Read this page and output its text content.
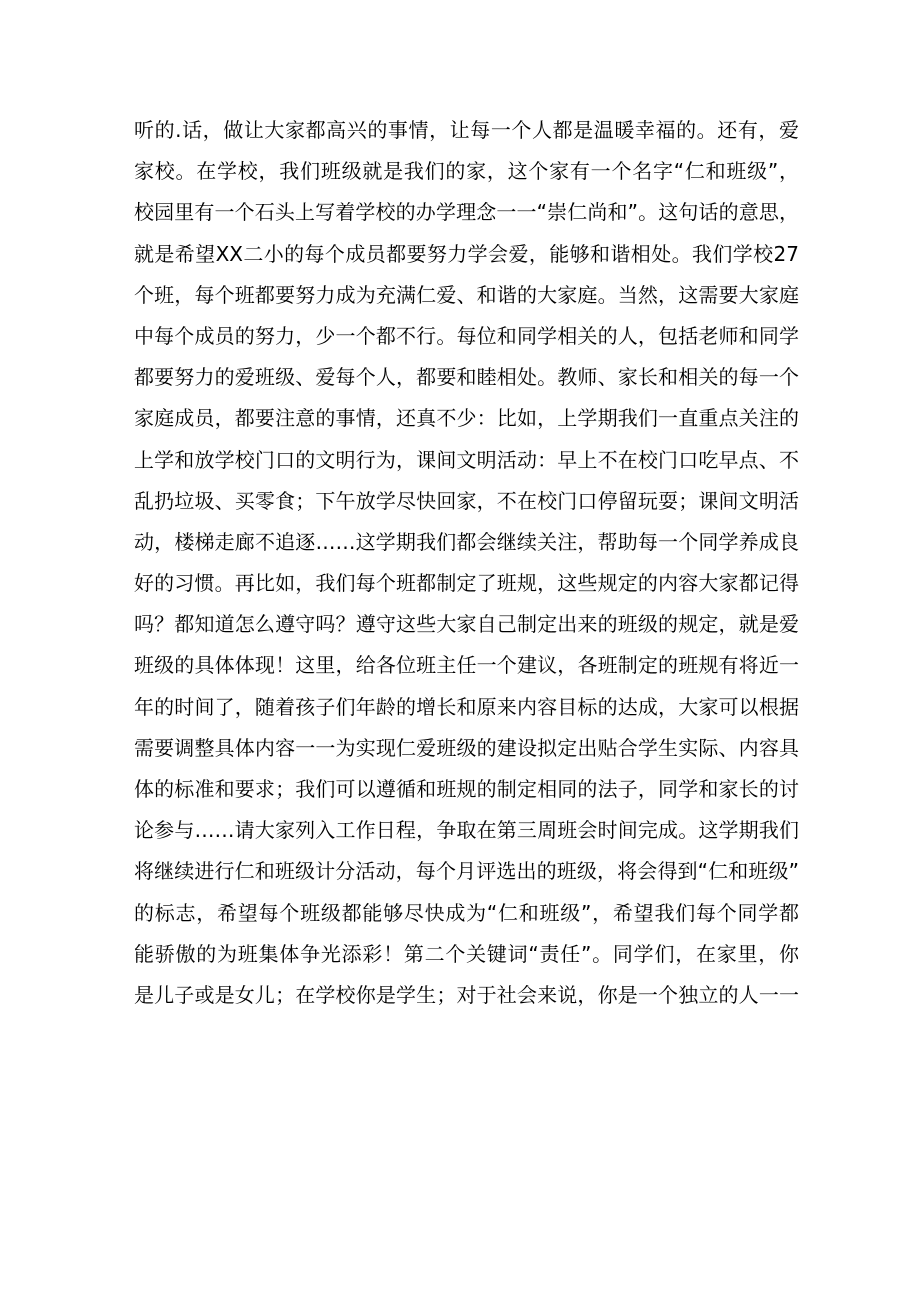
听的.话，做让大家都高兴的事情，让每一个人都是温暖幸福的。还有，爱
家校。在学校，我们班级就是我们的家，这个家有一个名字“仁和班级”，
校园里有一个石头上写着学校的办学理念一一“崇仁尚和”。这句话的意思，
就是希望XX二小的每个成员都要努力学会爱，能够和谐相处。我们学校27
个班，每个班都要努力成为充满仁爱、和谐的大家庭。当然，这需要大家庭
中每个成员的努力，少一个都不行。每位和同学相关的人，包括老师和同学
都要努力的爱班级、爱每个人，都要和睦相处。教师、家长和相关的每一个
家庭成员，都要注意的事情，还真不少：比如，上学期我们一直重点关注的
上学和放学校门口的文明行为，课间文明活动：早上不在校门口吃早点、不
乱扔垃圾、买零食；下午放学尽快回家，不在校门口停留玩耍；课间文明活
动，楼梯走廊不追逐……这学期我们都会继续关注，帮助每一个同学养成良
好的习惯。再比如，我们每个班都制定了班规，这些规定的内容大家都记得
吗？都知道怎么遵守吗？遵守这些大家自己制定出来的班级的规定，就是爱
班级的具体体现！这里，给各位班主任一个建议，各班制定的班规有将近一
年的时间了，随着孩子们年龄的增长和原来内容目标的达成，大家可以根据
需要调整具体内容一一为实现仁爱班级的建设拟定出贴合学生实际、内容具
体的标准和要求；我们可以遵循和班规的制定相同的法子，同学和家长的讨
论参与……请大家列入工作日程，争取在第三周班会时间完成。这学期我们
将继续进行仁和班级计分活动，每个月评选出的班级，将会得到“仁和班级”
的标志，希望每个班级都能够尽快成为“仁和班级”，希望我们每个同学都
能骄傲的为班集体争光添彩！第二个关键词“责任”。同学们，在家里，你
是儿子或是女儿；在学校你是学生；对于社会来说，你是一个独立的人一一
